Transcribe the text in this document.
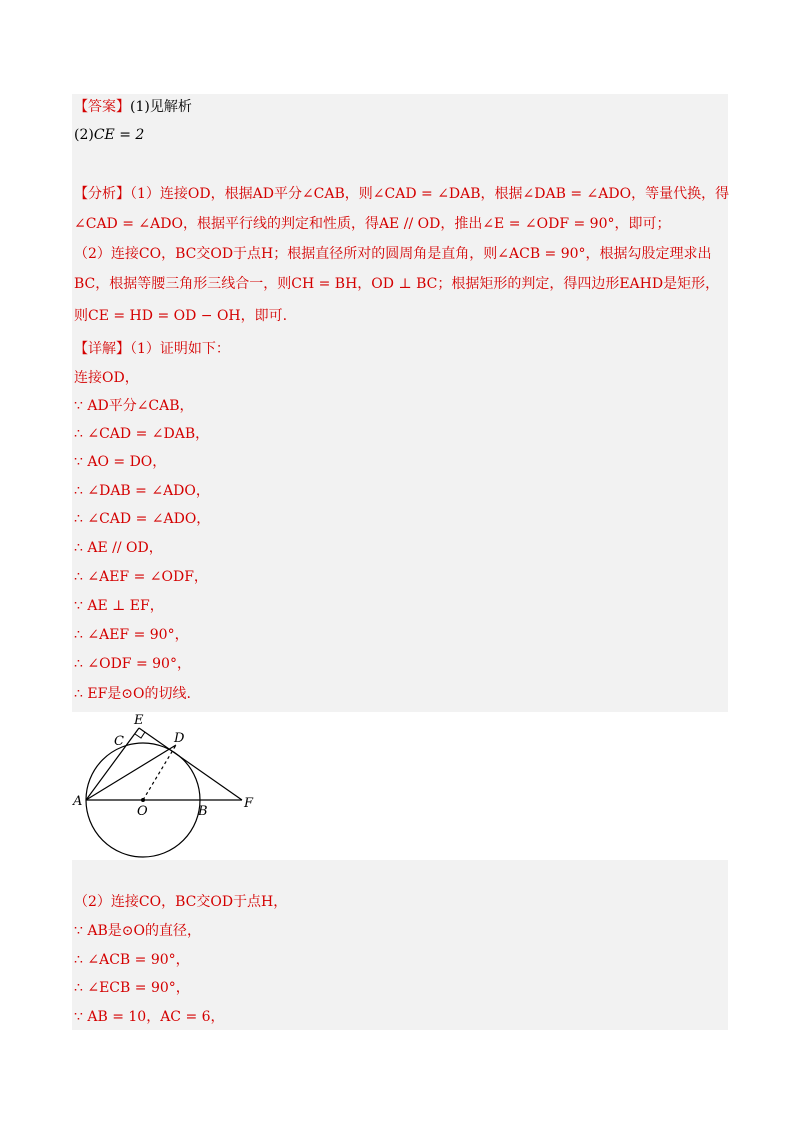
【答案】(1)见解析
(2)CE = 2
【分析】（1）连接OD，根据AD平分∠CAB，则∠CAD = ∠DAB，根据∠DAB = ∠ADO，等量代换，得
∠CAD = ∠ADO，根据平行线的判定和性质，得AE // OD，推出∠E = ∠ODF = 90°，即可；
（2）连接CO，BC交OD于点H；根据直径所对的圆周角是直角，则∠ACB = 90°，根据勾股定理求出
BC，根据等腰三角形三线合一，则CH = BH，OD ⊥ BC；根据矩形的判定，得四边形EAHD是矩形，
则CE = HD = OD − OH，即可.
【详解】（1）证明如下：
连接OD，
∵ AD平分∠CAB，
∴ ∠CAD = ∠DAB，
∵ AO = DO，
∴ ∠DAB = ∠ADO，
∴ ∠CAD = ∠ADO，
∴ AE // OD，
∴ ∠AEF = ∠ODF，
∵ AE ⊥ EF，
∴ ∠AEF = 90°，
∴ ∠ODF = 90°，
∴ EF是⊙O的切线.
E
C	D
A
O	B
F
（2）连接CO，BC交OD于点H，
∵ AB是⊙O的直径，
∴ ∠ACB = 90°，
∴ ∠ECB = 90°，
∵ AB = 10，AC = 6，
